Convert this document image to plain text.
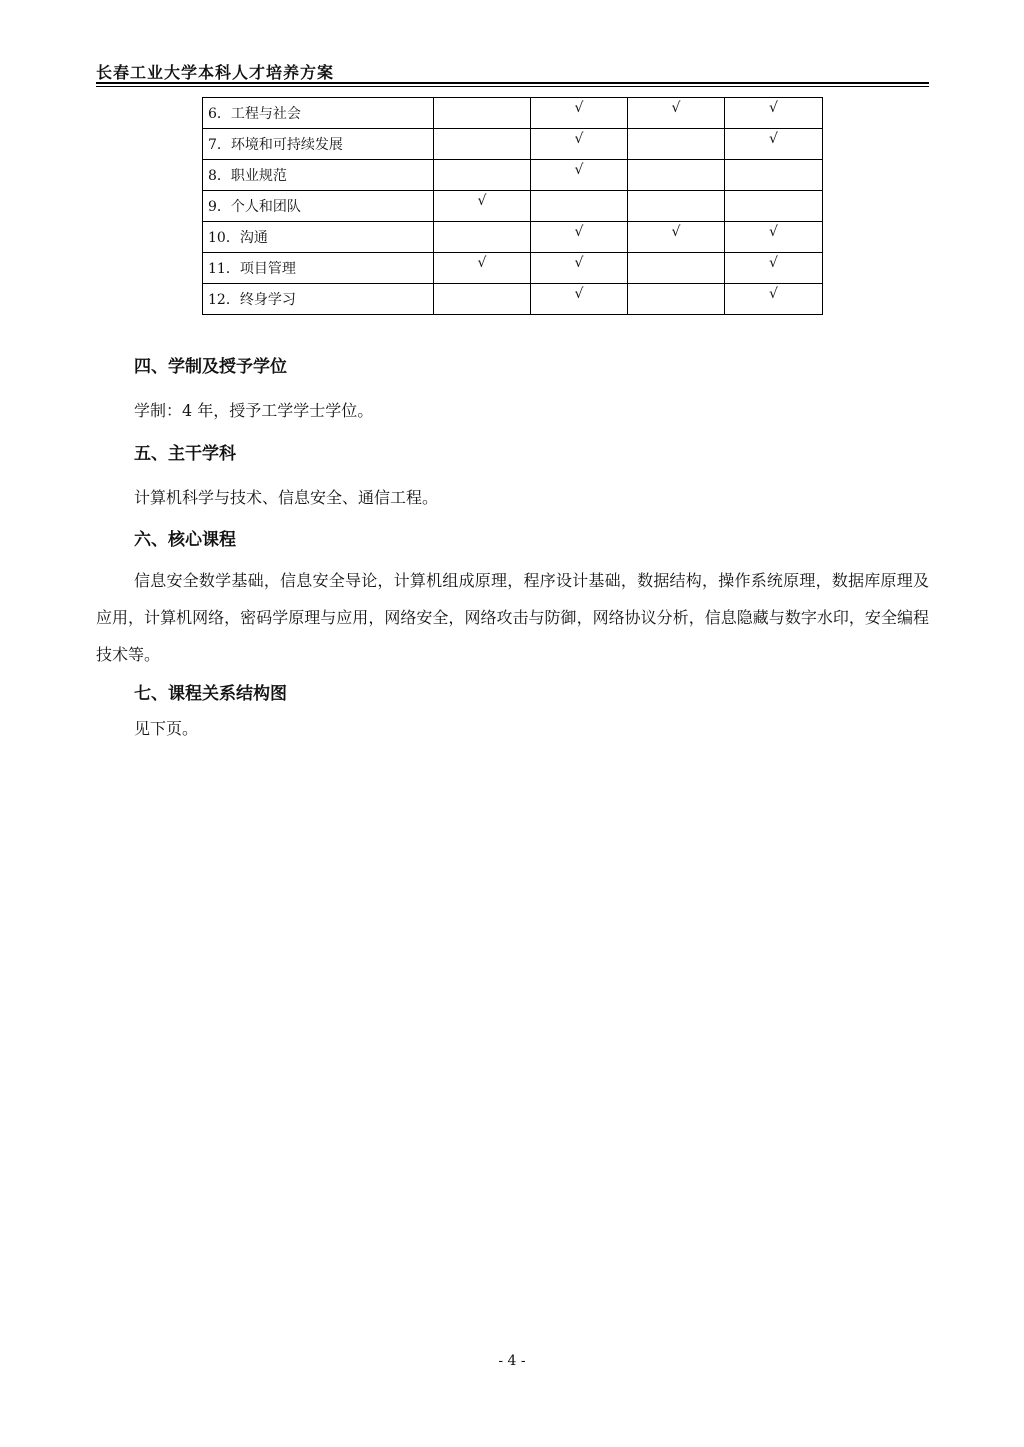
长春工业大学本科人才培养方案
6．工程与社会		√	√	√
7．环境和可持续发展		√		√
8．职业规范		√		
9．个人和团队	√			
10．沟通		√	√	√
11．项目管理	√	√		√
12．终身学习		√		√
四、学制及授予学位
学制：4 年，授予工学学士学位。
五、主干学科
计算机科学与技术、信息安全、通信工程。
六、核心课程
信息安全数学基础，信息安全导论，计算机组成原理，程序设计基础，数据结构，操作系统原理，数据库原理及应用，计算机网络，密码学原理与应用，网络安全，网络攻击与防御，网络协议分析，信息隐藏与数字水印，安全编程技术等。
七、课程关系结构图
见下页。
- 4 -
